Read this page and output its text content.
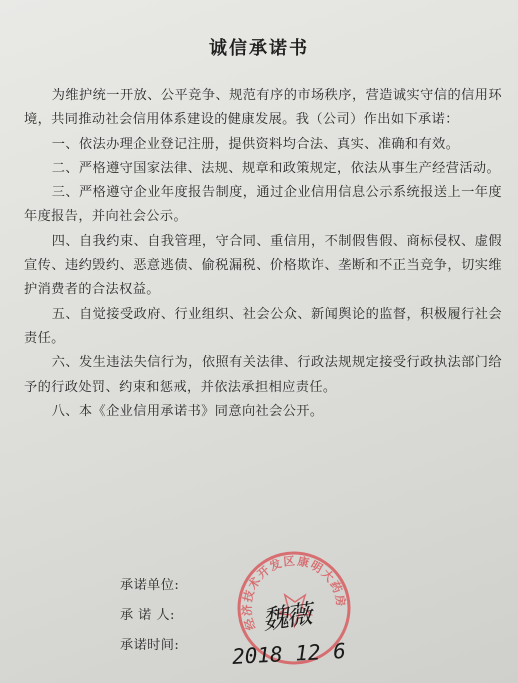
诚信承诺书

为维护统一开放、公平竞争、规范有序的市场秩序，营造诚实守信的信用环境，共同推动社会信用体系建设的健康发展。我（公司）作出如下承诺：

一、依法办理企业登记注册，提供资料均合法、真实、准确和有效。

二、严格遵守国家法律、法规、规章和政策规定，依法从事生产经营活动。

三、严格遵守企业年度报告制度，通过企业信用信息公示系统报送上一年度年度报告，并向社会公示。

四、自我约束、自我管理，守合同、重信用，不制假售假、商标侵权、虚假宣传、违约毁约、恶意逃债、偷税漏税、价格欺诈、垄断和不正当竞争，切实维护消费者的合法权益。

五、自觉接受政府、行业组织、社会公众、新闻舆论的监督，积极履行社会责任。

六、发生违法失信行为，依照有关法律、行政法规规定接受行政执法部门给予的行政处罚、约束和惩戒，并依法承担相应责任。

八、本《企业信用承诺书》同意向社会公开。

经济技术开发区康明大药房
承诺单位:
承 诺 人:
承诺时间:
魏薇
2018 12 6
